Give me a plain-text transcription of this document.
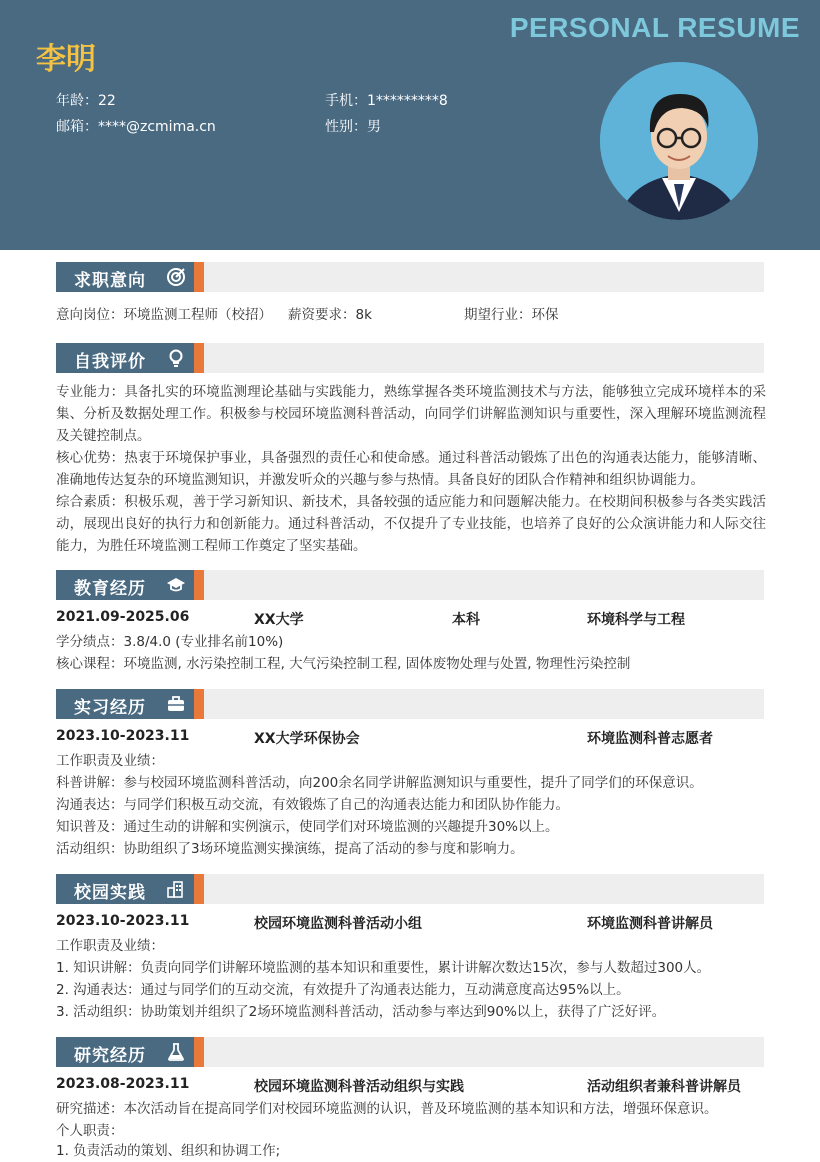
PERSONAL RESUME
李明
年龄：22	手机：1*********8
邮箱：****@zcmima.cn	性别：男
求职意向
意向岗位：环境监测工程师（校招） 薪资要求：8k	期望行业：环保
自我评价
专业能力：具备扎实的环境监测理论基础与实践能力，熟练掌握各类环境监测技术与方法，能够独立完成环境样本的采集、分析及数据处理工作。积极参与校园环境监测科普活动，向同学们讲解监测知识与重要性，深入理解环境监测流程及关键控制点。
核心优势：热衷于环境保护事业，具备强烈的责任心和使命感。通过科普活动锻炼了出色的沟通表达能力，能够清晰、准确地传达复杂的环境监测知识，并激发听众的兴趣与参与热情。具备良好的团队合作精神和组织协调能力。
综合素质：积极乐观，善于学习新知识、新技术，具备较强的适应能力和问题解决能力。在校期间积极参与各类实践活动，展现出良好的执行力和创新能力。通过科普活动，不仅提升了专业技能，也培养了良好的公众演讲能力和人际交往能力，为胜任环境监测工程师工作奠定了坚实基础。
教育经历
2021.09-2025.06	XX大学	本科	环境科学与工程
学分绩点：3.8/4.0 (专业排名前10%)
核心课程：环境监测, 水污染控制工程, 大气污染控制工程, 固体废物处理与处置, 物理性污染控制
实习经历
2023.10-2023.11	XX大学环保协会	环境监测科普志愿者
工作职责及业绩：
科普讲解：参与校园环境监测科普活动，向200余名同学讲解监测知识与重要性，提升了同学们的环保意识。
沟通表达：与同学们积极互动交流，有效锻炼了自己的沟通表达能力和团队协作能力。
知识普及：通过生动的讲解和实例演示，使同学们对环境监测的兴趣提升30%以上。
活动组织：协助组织了3场环境监测实操演练，提高了活动的参与度和影响力。
校园实践
2023.10-2023.11	校园环境监测科普活动小组	环境监测科普讲解员
工作职责及业绩：
1. 知识讲解：负责向同学们讲解环境监测的基本知识和重要性，累计讲解次数达15次，参与人数超过300人。
2. 沟通表达：通过与同学们的互动交流，有效提升了沟通表达能力，互动满意度高达95%以上。
3. 活动组织：协助策划并组织了2场环境监测科普活动，活动参与率达到90%以上，获得了广泛好评。
研究经历
2023.08-2023.11	校园环境监测科普活动组织与实践	活动组织者兼科普讲解员
研究描述：本次活动旨在提高同学们对校园环境监测的认识，普及环境监测的基本知识和方法，增强环保意识。
个人职责：
1. 负责活动的策划、组织和协调工作;
